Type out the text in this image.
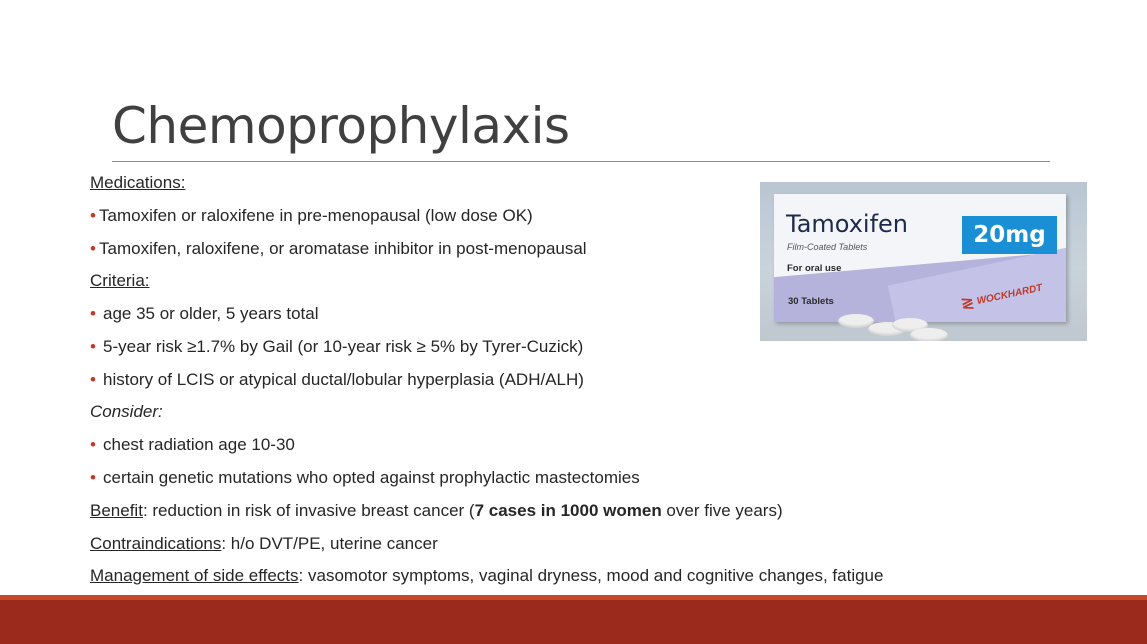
Chemoprophylaxis
Medications:
• Tamoxifen or raloxifene in pre-menopausal (low dose OK)
• Tamoxifen, raloxifene, or aromatase inhibitor in post-menopausal
Criteria:
• age 35 or older, 5 years total
• 5-year risk ≥1.7% by Gail (or 10-year risk ≥ 5% by Tyrer-Cuzick)
• history of LCIS or atypical ductal/lobular hyperplasia (ADH/ALH)
Consider:
• chest radiation age 10-30
• certain genetic mutations who opted against prophylactic mastectomies
Benefit: reduction in risk of invasive breast cancer (7 cases in 1000 women over five years)
Contraindications: h/o DVT/PE, uterine cancer
Management of side effects: vasomotor symptoms, vaginal dryness, mood and cognitive changes, fatigue
Tamoxifen
Film-Coated Tablets
For oral use
30 Tablets
20mg
≷ WOCKHARDT
